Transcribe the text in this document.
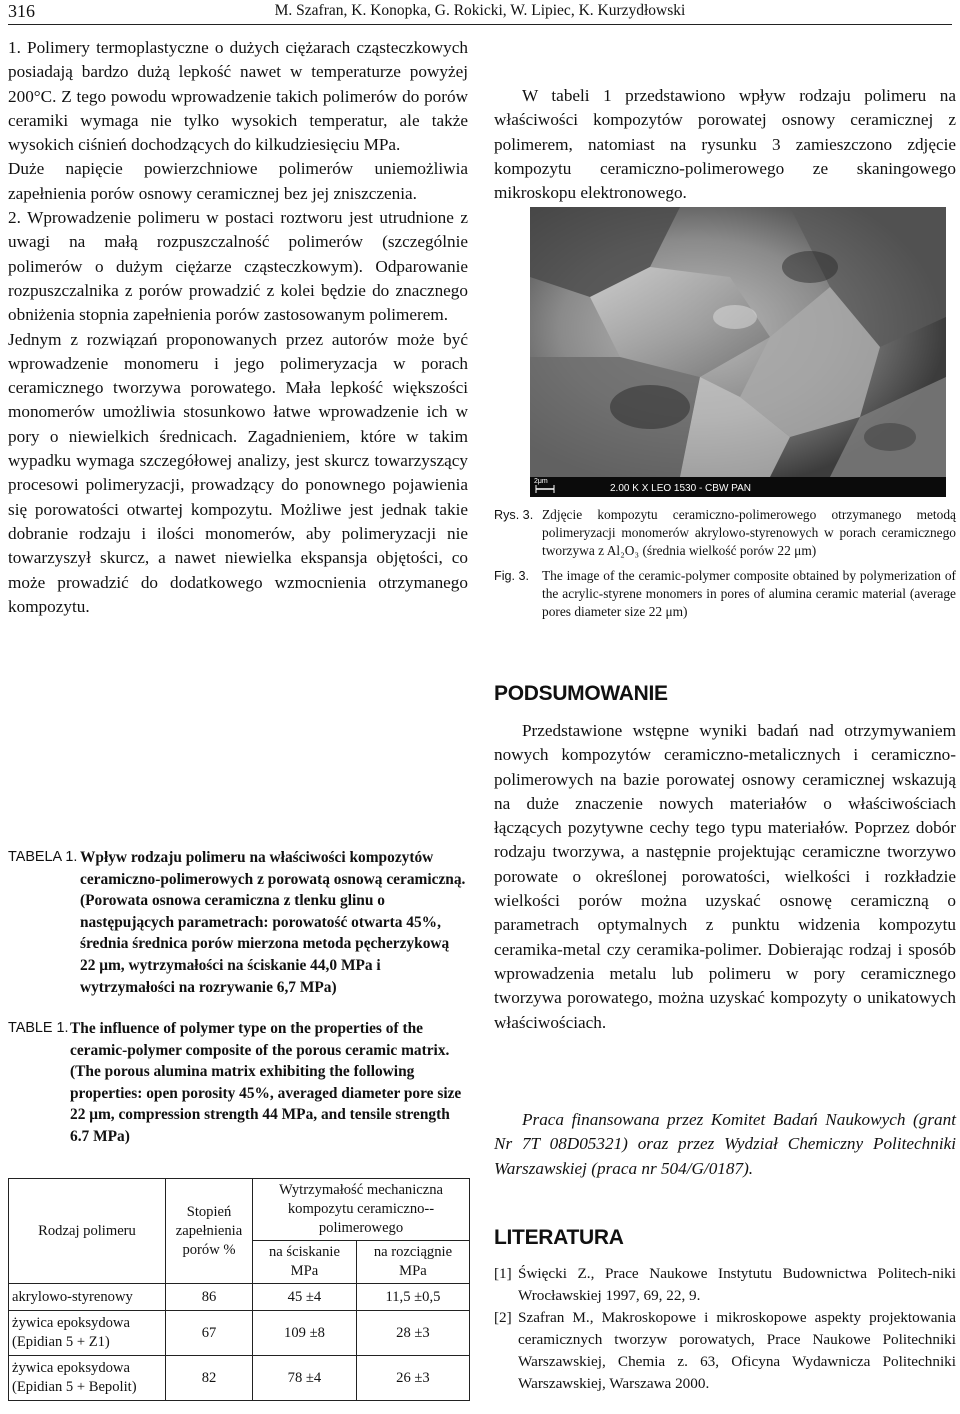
316	M. Szafran, K. Konopka, G. Rokicki, W. Lipiec, K. Kurzydłowski

1. Polimery termoplastyczne o dużych ciężarach cząsteczkowych posiadają bardzo dużą lepkość nawet w temperaturze powyżej 200°C. Z tego powodu wprowadzenie takich polimerów do porów ceramiki wymaga nie tylko wysokich temperatur, ale także wysokich ciśnień dochodzących do kilkudziesięciu MPa.

Duże napięcie powierzchniowe polimerów uniemożliwia zapełnienia porów osnowy ceramicznej bez jej zniszczenia.

2. Wprowadzenie polimeru w postaci roztworu jest utrudnione z uwagi na małą rozpuszczalność polimerów (szczególnie polimerów o dużym ciężarze cząsteczkowym). Odparowanie rozpuszczalnika z porów prowadzić z kolei będzie do znacznego obniżenia stopnia zapełnienia porów zastosowanym polimerem.

Jednym z rozwiązań proponowanych przez autorów może być wprowadzenie monomeru i jego polimeryzacja w porach ceramicznego tworzywa porowatego. Mała lepkość większości monomerów umożliwia stosunkowo łatwe wprowadzenie ich w pory o niewielkich średnicach. Zagadnieniem, które w takim wypadku wymaga szczegółowej analizy, jest skurcz towarzyszący procesowi polimeryzacji, prowadzący do ponownego pojawienia się porowatości otwartej kompozytu. Możliwe jest jednak takie dobranie rodzaju i ilości monomerów, aby polimeryzacji nie towarzyszył skurcz, a nawet niewielka ekspansja objętości, co może prowadzić do dodatkowego wzmocnienia otrzymanego kompozytu.

TABELA 1. Wpływ rodzaju polimeru na właściwości kompozytów ceramiczno-polimerowych z porowatą osnową ceramiczną. (Porowata osnowa ceramiczna z tlenku glinu o następujących parametrach: porowatość otwarta 45%, średnia średnica porów mierzona metoda pęcherzykową 22 μm, wytrzymałości na ściskanie 44,0 MPa i wytrzymałości na rozrywanie 6,7 MPa)
TABLE 1. The influence of polymer type on the properties of the ceramic-polymer composite of the porous ceramic matrix. (The porous alumina matrix exhibiting the following properties: open porosity 45%, averaged diameter pore size 22 μm, compression strength 44 MPa, and tensile strength 6.7 MPa)
Rodzaj polimeru	Stopień zapełnienia porów %	Wytrzymałość mechaniczna kompozytu ceramiczno--polimerowego	
		na ściskanie MPa	na rozciągnie MPa
akrylowo-styrenowy	86	45 ±4	11,5 ±0,5
żywica epoksydowa (Epidian 5 + Z1)	67	109 ±8	28 ±3
żywica epoksydowa (Epidian 5 + Bepolit)	82	78 ±4	26 ±3

W tabeli 1 przedstawiono wpływ rodzaju polimeru na właściwości kompozytów porowatej osnowy ceramicznej z polimerem, natomiast na rysunku 3 zamieszczono zdjęcie kompozytu ceramiczno-polimerowego ze skaningowego mikroskopu elektronowego.

2μm
2.00 K X LEO 1530 - CBW PAN
Rys. 3. Zdjęcie kompozytu ceramiczno-polimerowego otrzymanego metodą polimeryzacji monomerów akrylowo-styrenowych w porach ceramicznego tworzywa z Al₂O₃ (średnia wielkość porów 22 μm)
Fig. 3. The image of the ceramic-polymer composite obtained by polymerization of the acrylic-styrene monomers in pores of alumina ceramic material (average pores diameter size 22 μm)
PODSUMOWANIE

Przedstawione wstępne wyniki badań nad otrzymywaniem nowych kompozytów ceramiczno-metalicznych i ceramiczno-polimerowych na bazie porowatej osnowy ceramicznej wskazują na duże znaczenie nowych materiałów o właściwościach łączących pozytywne cechy tego typu materiałów. Poprzez dobór rodzaju tworzywa, a następnie projektując ceramiczne tworzywo porowate o określonej porowatości, wielkości i rozkładzie wielkości porów można uzyskać osnowę ceramiczną o parametrach optymalnych z punktu widzenia kompozytu ceramika-metal czy ceramika-polimer. Dobierając rodzaj i sposób wprowadzenia metalu lub polimeru w pory ceramicznego tworzywa porowatego, można uzyskać kompozyty o unikatowych właściwościach.

Praca finansowana przez Komitet Badań Naukowych (grant Nr 7T 08D05321) oraz przez Wydział Chemiczny Politechniki Warszawskiej (praca nr 504/G/0187).

LITERATURA
[1] Święcki Z., Prace Naukowe Instytutu Budownictwa Politech-niki Wrocławskiej 1997, 69, 22, 9.
[2] Szafran M., Makroskopowe i mikroskopowe aspekty projektowania ceramicznych tworzyw porowatych, Prace Naukowe Politechniki Warszawskiej, Chemia z. 63, Oficyna Wydawnicza Politechniki Warszawskiej, Warszawa 2000.
